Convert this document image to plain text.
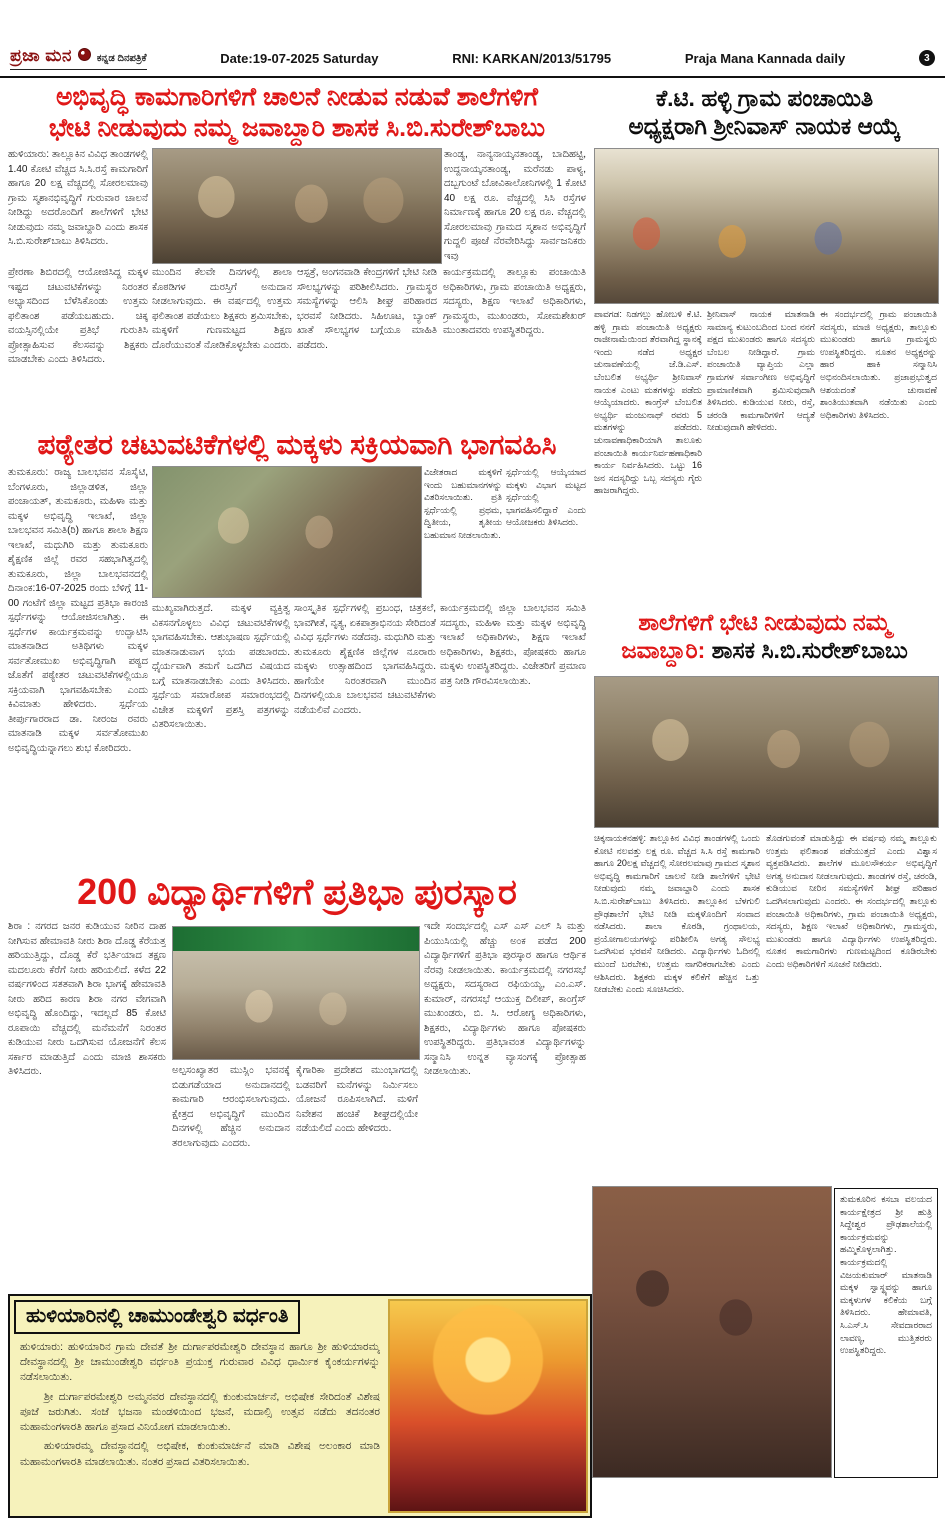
ಪ್ರಜಾ ಮನ	ಕನ್ನಡ ದಿನಪತ್ರಿಕೆ	Date:19-07-2025 Saturday	RNI: KARKAN/2013/51795	Praja Mana Kannada daily	3
ಅಭಿವೃದ್ಧಿ ಕಾಮಗಾರಿಗಳಿಗೆ ಚಾಲನೆ ನೀಡುವ ನಡುವೆ ಶಾಲೆಗಳಿಗೆ
ಭೇಟಿ ನೀಡುವುದು ನಮ್ಮ ಜವಾಬ್ದಾರಿ ಶಾಸಕ ಸಿ.ಬಿ.ಸುರೇಶ್‌ಬಾಬು
ಹುಳಿಯಾರು: ತಾಲ್ಲೂಕಿನ ವಿವಿಧ ತಾಂಡಗಳಲ್ಲಿ 1.40 ಕೋಟಿ ವೆಚ್ಚದ ಸಿ.ಸಿ.ರಸ್ತೆ ಕಾಮಗಾರಿಗೆ ಹಾಗೂ 20 ಲಕ್ಷ ವೆಚ್ಚದಲ್ಲಿ ಸೋರಲಮಾವು ಗ್ರಾಮ ಸ್ಮಶಾನಭಿವೃದ್ಧಿಗೆ ಗುರುವಾರ ಚಾಲನೆ ನೀಡಿದ್ದು ಅದರೊಂದಿಗೆ ಶಾಲೆಗಳಿಗೆ ಭೇಟಿ ನೀಡುವುದು ನಮ್ಮ ಜವಾಬ್ದಾರಿ ಎಂದು ಶಾಸಕ ಸಿ.ಬಿ.ಸುರೇಶ್‌ಬಾಬು ತಿಳಿಸಿದರು.
ತಾಂಡ್ಯ, ನಾನ್ಯನಾಯ್ಕನತಾಂಡ್ಯ, ಬಾದಿಹಟ್ಟಿ, ಉದ್ದನಾಯ್ಕನತಾಂಡ್ಯ, ಮರೆನಡು ಪಾಳ್ಯ, ದಬ್ಬಗುಂಟೆ ಬೋವಿಕಾಲೋನಿಗಳಲ್ಲಿ 1 ಕೋಟಿ 40 ಲಕ್ಷ ರೂ. ವೆಚ್ಚದಲ್ಲಿ ಸಿಸಿ ರಸ್ತೆಗಳ ನಿರ್ಮಾಣಕ್ಕೆ ಹಾಗೂ 20 ಲಕ್ಷ ರೂ. ವೆಚ್ಚದಲ್ಲಿ ಸೋರಲಮಾವು ಗ್ರಾಮದ ಸ್ಮಶಾನ ಅಭಿವೃದ್ಧಿಗೆ ಗುದ್ದಲಿ ಪೂಜೆ ನೆರವೇರಿಸಿದ್ದು ಸಾರ್ವಜನಿಕರು ಇವು
ಪ್ರೇರಣಾ ಶಿಬಿರದಲ್ಲಿ ಆಯೋಜಿಸಿದ್ದ ಮಕ್ಕಳ ಇಷ್ಟದ ಚಟುವಟಿಕೆಗಳನ್ನು ನಿರಂತರ ಅಭ್ಯಾಸದಿಂದ ಬೆಳೆಸಿಕೊಂಡು ಉತ್ತಮ ಫಲಿತಾಂಶ ಪಡೆಯಬಹುದು. ಚಿಕ್ಕ ವಯಸ್ಸಿನಲ್ಲಿಯೇ ಪ್ರತಿಭೆ ಗುರುತಿಸಿ ಪ್ರೋತ್ಸಾಹಿಸುವ ಕೆಲಸವನ್ನು ಶಿಕ್ಷಕರು ಮಾಡಬೇಕು ಎಂದು ತಿಳಿಸಿದರು.
ಮುಂದಿನ ಕೆಲವೇ ದಿನಗಳಲ್ಲಿ ಶಾಲಾ ಕೊಠಡಿಗಳ ದುರಸ್ತಿಗೆ ಅನುದಾನ ನೀಡಲಾಗುವುದು. ಈ ವರ್ಷದಲ್ಲಿ ಉತ್ತಮ ಫಲಿತಾಂಶ ಪಡೆಯಲು ಶಿಕ್ಷಕರು ಶ್ರಮಿಸಬೇಕು, ಮಕ್ಕಳಿಗೆ ಗುಣಮಟ್ಟದ ಶಿಕ್ಷಣ ದೊರೆಯುವಂತೆ ನೋಡಿಕೊಳ್ಳಬೇಕು ಎಂದರು.
ಆಸ್ಪತ್ರೆ, ಅಂಗನವಾಡಿ ಕೇಂದ್ರಗಳಿಗೆ ಭೇಟಿ ನೀಡಿ ಸೌಲಭ್ಯಗಳನ್ನು ಪರಿಶೀಲಿಸಿದರು. ಗ್ರಾಮಸ್ಥರ ಸಮಸ್ಯೆಗಳನ್ನು ಆಲಿಸಿ ಶೀಘ್ರ ಪರಿಹಾರದ ಭರವಸೆ ನೀಡಿದರು. ಸಿಹಿಊಟ, ಬ್ಯಾಂಕ್ ಖಾತೆ ಸೌಲಭ್ಯಗಳ ಬಗ್ಗೆಯೂ ಮಾಹಿತಿ ಪಡೆದರು.
ಕಾರ್ಯಕ್ರಮದಲ್ಲಿ ತಾಲ್ಲೂಕು ಪಂಚಾಯಿತಿ ಅಧಿಕಾರಿಗಳು, ಗ್ರಾಮ ಪಂಚಾಯಿತಿ ಅಧ್ಯಕ್ಷರು, ಸದಸ್ಯರು, ಶಿಕ್ಷಣ ಇಲಾಖೆ ಅಧಿಕಾರಿಗಳು, ಗ್ರಾಮಸ್ಥರು, ಮುಖಂಡರು, ಸೋಮಶೇಖರ್ ಮುಂತಾದವರು ಉಪಸ್ಥಿತರಿದ್ದರು.
ಕೆ.ಟಿ. ಹಳ್ಳಿ ಗ್ರಾಮ ಪಂಚಾಯಿತಿ
ಅಧ್ಯಕ್ಷರಾಗಿ ಶ್ರೀನಿವಾಸ್ ನಾಯಕ ಆಯ್ಕೆ
ಪಾವಗಡ: ನಿಡಗಲ್ಲು ಹೋಬಳಿ ಕೆ.ಟಿ. ಹಳ್ಳಿ ಗ್ರಾಮ ಪಂಚಾಯಿತಿ ಅಧ್ಯಕ್ಷರು ರಾಜೀನಾಮೆಯಿಂದ ತೆರವಾಗಿದ್ದ ಸ್ಥಾನಕ್ಕೆ ಇಂದು ನಡೆದ ಅಧ್ಯಕ್ಷರ ಚುನಾವಣೆಯಲ್ಲಿ ಜೆ.ಡಿ.ಎಸ್. ಬೆಂಬಲಿತ ಅಭ್ಯರ್ಥಿ ಶ್ರೀನಿವಾಸ್ ನಾಯಕ ಎಂಟು ಮತಗಳನ್ನು ಪಡೆದು ಆಯ್ಕೆಯಾದರು. ಕಾಂಗ್ರೆಸ್ ಬೆಂಬಲಿತ ಅಭ್ಯರ್ಥಿ ಮಂಜುನಾಥ್ ರವರು 5 ಮತಗಳನ್ನು ಪಡೆದರು. ಚುನಾವಣಾಧಿಕಾರಿಯಾಗಿ ತಾಲೂಕು ಪಂಚಾಯಿತಿ ಕಾರ್ಯನಿರ್ವಹಣಾಧಿಕಾರಿ ಕಾರ್ಯ ನಿರ್ವಹಿಸಿದರು. ಒಟ್ಟು 16 ಜನ ಸದಸ್ಯರಿದ್ದು ಒಬ್ಬ ಸದಸ್ಯರು ಗೈರು ಹಾಜರಾಗಿದ್ದರು.
ಶ್ರೀನಿವಾಸ್ ನಾಯಕ ಮಾತನಾಡಿ ಸಾಮಾನ್ಯ ಕುಟುಂಬದಿಂದ ಬಂದ ನನಗೆ ಪಕ್ಷದ ಮುಖಂಡರು ಹಾಗೂ ಸದಸ್ಯರು ಬೆಂಬಲ ನೀಡಿದ್ದಾರೆ. ಗ್ರಾಮ ಪಂಚಾಯಿತಿ ವ್ಯಾಪ್ತಿಯ ಎಲ್ಲಾ ಗ್ರಾಮಗಳ ಸರ್ವಾಂಗೀಣ ಅಭಿವೃದ್ಧಿಗೆ ಪ್ರಾಮಾಣಿಕವಾಗಿ ಶ್ರಮಿಸುವುದಾಗಿ ತಿಳಿಸಿದರು. ಕುಡಿಯುವ ನೀರು, ರಸ್ತೆ, ಚರಂಡಿ ಕಾಮಗಾರಿಗಳಿಗೆ ಆದ್ಯತೆ ನೀಡುವುದಾಗಿ ಹೇಳಿದರು.
ಈ ಸಂದರ್ಭದಲ್ಲಿ ಗ್ರಾಮ ಪಂಚಾಯಿತಿ ಸದಸ್ಯರು, ಮಾಜಿ ಅಧ್ಯಕ್ಷರು, ತಾಲ್ಲೂಕು ಮುಖಂಡರು ಹಾಗೂ ಗ್ರಾಮಸ್ಥರು ಉಪಸ್ಥಿತರಿದ್ದರು. ನೂತನ ಅಧ್ಯಕ್ಷರನ್ನು ಹಾರ ಹಾಕಿ ಸನ್ಮಾನಿಸಿ ಅಭಿನಂದಿಸಲಾಯಿತು. ಪ್ರಜಾಪ್ರಭುತ್ವದ ಆಶಯದಂತೆ ಚುನಾವಣೆ ಶಾಂತಿಯುತವಾಗಿ ನಡೆಯಿತು ಎಂದು ಅಧಿಕಾರಿಗಳು ತಿಳಿಸಿದರು.
ಪಠ್ಯೇತರ ಚಟುವಟಿಕೆಗಳಲ್ಲಿ ಮಕ್ಕಳು ಸಕ್ರಿಯವಾಗಿ ಭಾಗವಹಿಸಿ
ತುಮಕೂರು: ರಾಜ್ಯ ಬಾಲಭವನ ಸೊಸೈಟಿ, ಬೆಂಗಳೂರು, ಜಿಲ್ಲಾಡಳಿತ, ಜಿಲ್ಲಾ ಪಂಚಾಯತ್, ತುಮಕೂರು, ಮಹಿಳಾ ಮತ್ತು ಮಕ್ಕಳ ಅಭಿವೃದ್ಧಿ ಇಲಾಖೆ, ಜಿಲ್ಲಾ ಬಾಲಭವನ ಸಮಿತಿ(ರಿ) ಹಾಗೂ ಶಾಲಾ ಶಿಕ್ಷಣ ಇಲಾಖೆ, ಮಧುಗಿರಿ ಮತ್ತು ತುಮಕೂರು ಶೈಕ್ಷಣಿಕ ಜಿಲ್ಲೆ ರವರ ಸಹಭಾಗಿತ್ವದಲ್ಲಿ ತುಮಕೂರು, ಜಿಲ್ಲಾ ಬಾಲಭವನದಲ್ಲಿ ದಿನಾಂಕ:16-07-2025 ರಂದು ಬೆಳಿಗ್ಗೆ 11-00 ಗಂಟೆಗೆ ಜಿಲ್ಲಾ ಮಟ್ಟದ ಪ್ರತಿಭಾ ಕಾರಂಜಿ ಸ್ಪರ್ಧೆಗಳನ್ನು ಆಯೋಜಿಸಲಾಗಿತ್ತು. ಈ ಸ್ಪರ್ಧೆಗಳ ಕಾರ್ಯಕ್ರಮವನ್ನು ಉದ್ಘಾಟಿಸಿ ಮಾತನಾಡಿದ ಅತಿಥಿಗಳು ಮಕ್ಕಳ ಸರ್ವತೋಮುಖ ಅಭಿವೃದ್ಧಿಗಾಗಿ ಪಠ್ಯದ ಜೊತೆಗೆ ಪಠ್ಯೇತರ ಚಟುವಟಿಕೆಗಳಲ್ಲಿಯೂ ಸಕ್ರಿಯವಾಗಿ ಭಾಗವಹಿಸಬೇಕು ಎಂದು ಕಿವಿಮಾತು ಹೇಳಿದರು. ಸ್ಪರ್ಧೆಯ ತೀರ್ಪುಗಾರರಾದ ಡಾ. ನೀರಂಜ ರವರು ಮಾತನಾಡಿ ಮಕ್ಕಳ ಸರ್ವತೋಮುಖ ಅಭಿವೃದ್ಧಿಯನ್ನಾಗಲು ಶುಭ ಕೋರಿದರು.
ವಿಜೇತರಾದ ಮಕ್ಕಳಿಗೆ ಇಂದು ಬಹುಮಾನಗಳನ್ನು ವಿತರಿಸಲಾಯಿತು. ಪ್ರತಿ ಸ್ಪರ್ಧೆಯಲ್ಲಿ ಪ್ರಥಮ, ದ್ವಿತೀಯ, ತೃತೀಯ ಬಹುಮಾನ ನೀಡಲಾಯಿತು.
ಸ್ಪರ್ಧೆಯಲ್ಲಿ ಆಯ್ಕೆಯಾದ ಮಕ್ಕಳು ವಿಭಾಗ ಮಟ್ಟದ ಸ್ಪರ್ಧೆಯಲ್ಲಿ ಭಾಗವಹಿಸಲಿದ್ದಾರೆ ಎಂದು ಆಯೋಜಕರು ತಿಳಿಸಿದರು.
ಮುಖ್ಯವಾಗಿರುತ್ತದೆ. ಮಕ್ಕಳ ವ್ಯಕ್ತಿತ್ವ ವಿಕಸನಗೊಳ್ಳಲು ವಿವಿಧ ಚಟುವಟಿಕೆಗಳಲ್ಲಿ ಭಾಗವಹಿಸಬೇಕು. ಆಶುಭಾಷಣ ಸ್ಪರ್ಧೆಯಲ್ಲಿ ಮಾತನಾಡುವಾಗ ಭಯ ಪಡಬಾರದು. ಧೈರ್ಯವಾಗಿ ತಮಗೆ ಒದಗಿದ ವಿಷಯದ ಬಗ್ಗೆ ಮಾತನಾಡಬೇಕು ಎಂದು ತಿಳಿಸಿದರು. ಸ್ಪರ್ಧೆಯ ಸಮಾರೋಪ ಸಮಾರಂಭದಲ್ಲಿ ವಿಜೇತ ಮಕ್ಕಳಿಗೆ ಪ್ರಶಸ್ತಿ ಪತ್ರಗಳನ್ನು ವಿತರಿಸಲಾಯಿತು.
ಸಾಂಸ್ಕೃತಿಕ ಸ್ಪರ್ಧೆಗಳಲ್ಲಿ ಪ್ರಬಂಧ, ಚಿತ್ರಕಲೆ, ಭಾವಗೀತೆ, ನೃತ್ಯ, ಏಕಪಾತ್ರಾಭಿನಯ ಸೇರಿದಂತೆ ವಿವಿಧ ಸ್ಪರ್ಧೆಗಳು ನಡೆದವು. ಮಧುಗಿರಿ ಮತ್ತು ತುಮಕೂರು ಶೈಕ್ಷಣಿಕ ಜಿಲ್ಲೆಗಳ ನೂರಾರು ಮಕ್ಕಳು ಉತ್ಸಾಹದಿಂದ ಭಾಗವಹಿಸಿದ್ದರು. ಹಾಗೆಯೇ ನಿರಂತರವಾಗಿ ಮುಂದಿನ ದಿನಗಳಲ್ಲಿಯೂ ಬಾಲಭವನ ಚಟುವಟಿಕೆಗಳು ನಡೆಯಲಿವೆ ಎಂದರು.
ಕಾರ್ಯಕ್ರಮದಲ್ಲಿ ಜಿಲ್ಲಾ ಬಾಲಭವನ ಸಮಿತಿ ಸದಸ್ಯರು, ಮಹಿಳಾ ಮತ್ತು ಮಕ್ಕಳ ಅಭಿವೃದ್ಧಿ ಇಲಾಖೆ ಅಧಿಕಾರಿಗಳು, ಶಿಕ್ಷಣ ಇಲಾಖೆ ಅಧಿಕಾರಿಗಳು, ಶಿಕ್ಷಕರು, ಪೋಷಕರು ಹಾಗೂ ಮಕ್ಕಳು ಉಪಸ್ಥಿತರಿದ್ದರು. ವಿಜೇತರಿಗೆ ಪ್ರಮಾಣ ಪತ್ರ ನೀಡಿ ಗೌರವಿಸಲಾಯಿತು.
ಶಾಲೆಗಳಿಗೆ ಭೇಟಿ ನೀಡುವುದು ನಮ್ಮ
ಜವಾಬ್ದಾರಿ: ಶಾಸಕ ಸಿ.ಬಿ.ಸುರೇಶ್‌ಬಾಬು
ಚಿಕ್ಕನಾಯಕನಹಳ್ಳಿ: ತಾಲ್ಲೂಕಿನ ವಿವಿಧ ತಾಂಡಗಳಲ್ಲಿ ಒಂದು ಕೋಟಿ ನಲವತ್ತು ಲಕ್ಷ ರೂ. ವೆಚ್ಚದ ಸಿ.ಸಿ ರಸ್ತೆ ಕಾಮಗಾರಿ ಹಾಗೂ 20ಲಕ್ಷ ವೆಚ್ಚದಲ್ಲಿ ಸೋರಲಮಾವು ಗ್ರಾಮದ ಸ್ಮಶಾನ ಅಭಿವೃದ್ಧಿ ಕಾಮಗಾರಿಗೆ ಚಾಲನೆ ನೀಡಿ ಶಾಲೆಗಳಿಗೆ ಭೇಟಿ ನೀಡುವುದು ನಮ್ಮ ಜವಾಬ್ದಾರಿ ಎಂದು ಶಾಸಕ ಸಿ.ಬಿ.ಸುರೇಶ್‌ಬಾಬು ತಿಳಿಸಿದರು. ತಾಲ್ಲೂಕಿನ ಬೆಳಗುಲಿ ಪ್ರೌಢಶಾಲೆಗೆ ಭೇಟಿ ನೀಡಿ ಮಕ್ಕಳೊಂದಿಗೆ ಸಂವಾದ ನಡೆಸಿದರು. ಶಾಲಾ ಕೊಠಡಿ, ಗ್ರಂಥಾಲಯ, ಪ್ರಯೋಗಾಲಯಗಳನ್ನು ಪರಿಶೀಲಿಸಿ ಅಗತ್ಯ ಸೌಲಭ್ಯ ಒದಗಿಸುವ ಭರವಸೆ ನೀಡಿದರು. ವಿದ್ಯಾರ್ಥಿಗಳು ಓದಿನಲ್ಲಿ ಮುಂದೆ ಬರಬೇಕು, ಉತ್ತಮ ನಾಗರಿಕರಾಗಬೇಕು ಎಂದು ಆಶಿಸಿದರು. ಶಿಕ್ಷಕರು ಮಕ್ಕಳ ಕಲಿಕೆಗೆ ಹೆಚ್ಚಿನ ಒತ್ತು ನೀಡಬೇಕು ಎಂದು ಸೂಚಿಸಿದರು.
ತೊಡಗುವಂತೆ ಮಾಡುತ್ತಿದ್ದು ಈ ವರ್ಷವು ನಮ್ಮ ತಾಲ್ಲೂಕು ಉತ್ತಮ ಫಲಿತಾಂಶ ಪಡೆಯುತ್ತದೆ ಎಂದು ವಿಶ್ವಾಸ ವ್ಯಕ್ತಪಡಿಸಿದರು. ಶಾಲೆಗಳ ಮೂಲಸೌಕರ್ಯ ಅಭಿವೃದ್ಧಿಗೆ ಅಗತ್ಯ ಅನುದಾನ ನೀಡಲಾಗುವುದು. ತಾಂಡಗಳ ರಸ್ತೆ, ಚರಂಡಿ, ಕುಡಿಯುವ ನೀರಿನ ಸಮಸ್ಯೆಗಳಿಗೆ ಶೀಘ್ರ ಪರಿಹಾರ ಒದಗಿಸಲಾಗುವುದು ಎಂದರು. ಈ ಸಂದರ್ಭದಲ್ಲಿ ತಾಲ್ಲೂಕು ಪಂಚಾಯಿತಿ ಅಧಿಕಾರಿಗಳು, ಗ್ರಾಮ ಪಂಚಾಯಿತಿ ಅಧ್ಯಕ್ಷರು, ಸದಸ್ಯರು, ಶಿಕ್ಷಣ ಇಲಾಖೆ ಅಧಿಕಾರಿಗಳು, ಗ್ರಾಮಸ್ಥರು, ಮುಖಂಡರು ಹಾಗೂ ವಿದ್ಯಾರ್ಥಿಗಳು ಉಪಸ್ಥಿತರಿದ್ದರು. ನೂತನ ಕಾಮಗಾರಿಗಳು ಗುಣಮಟ್ಟದಿಂದ ಕೂಡಿರಬೇಕು ಎಂದು ಅಧಿಕಾರಿಗಳಿಗೆ ಸೂಚನೆ ನೀಡಿದರು.
ತುಮಕೂರಿನ ಕಸಬಾ ವಲಯದ ಕಾರ್ಯಕ್ಷೇತ್ರದ ಶ್ರೀ ಹುತ್ರಿ ಸಿದ್ದೇಶ್ವರ ಪ್ರೌಢಶಾಲೆಯಲ್ಲಿ ಕಾರ್ಯಕ್ರಮವನ್ನು ಹಮ್ಮಿಕೊಳ್ಳಲಾಗಿತ್ತು. ಕಾರ್ಯಕ್ರಮದಲ್ಲಿ ವಿಜಯಕುಮಾರ್ ಮಾತನಾಡಿ ಮಕ್ಕಳ ಸ್ವಾಸ್ಥ್ಯವನ್ನು ಹಾಗೂ ಮಕ್ಕಳುಗಳ ಕಲಿಕೆಯ ಬಗ್ಗೆ ತಿಳಿಸಿದರು. ಹೇಮಾವತಿ, ಸಿ.ಎಸ್.ಸಿ ಸೇವದಾರರಾದ ಲಾವಣ್ಯ, ಮುತ್ತಿತರರು ಉಪಸ್ಥಿತರಿದ್ದರು.
200 ವಿದ್ಯಾರ್ಥಿಗಳಿಗೆ ಪ್ರತಿಭಾ ಪುರಸ್ಕಾರ
ಶಿರಾ : ನಗರದ ಜನರ ಕುಡಿಯುವ ನೀರಿನ ದಾಹ ನೀಗಿಸುವ ಹೇಮಾವತಿ ನೀರು ಶಿರಾ ದೊಡ್ಡ ಕೆರೆಯತ್ತ ಹರಿಯುತ್ತಿದ್ದು, ದೊಡ್ಡ ಕೆರೆ ಭರ್ತಿಯಾದ ತಕ್ಷಣ ಮದಲೂರು ಕೆರೆಗೆ ನೀರು ಹರಿಯಲಿದೆ. ಕಳೆದ 22 ವರ್ಷಗಳಿಂದ ಸತತವಾಗಿ ಶಿರಾ ಭಾಗಕ್ಕೆ ಹೇಮಾವತಿ ನೀರು ಹರಿದ ಕಾರಣ ಶಿರಾ ನಗರ ವೇಗವಾಗಿ ಅಭಿವೃದ್ಧಿ ಹೊಂದಿದ್ದು, ಇದಲ್ಲದೆ 85 ಕೋಟಿ ರೂಪಾಯಿ ವೆಚ್ಚದಲ್ಲಿ ಮನೆಮನೆಗೆ ನಿರಂತರ ಕುಡಿಯುವ ನೀರು ಒದಗಿಸುವ ಯೋಜನೆಗೆ ಕೆಲಸ ಸರ್ಕಾರ ಮಾಡುತ್ತಿದೆ ಎಂದು ಮಾಜಿ ಶಾಸಕರು ತಿಳಿಸಿದರು.	ಅಲ್ಪಸಂಖ್ಯಾತರ ಮುಸ್ಲಿಂ ಭವನಕ್ಕೆ ಬಿಡುಗಡೆಯಾದ ಅನುದಾನದಲ್ಲಿ ಕಾಮಗಾರಿ ಆರಂಭಿಸಲಾಗುವುದು. ಕ್ಷೇತ್ರದ ಅಭಿವೃದ್ಧಿಗೆ ಮುಂದಿನ ದಿನಗಳಲ್ಲಿ ಹೆಚ್ಚಿನ ಅನುದಾನ ತರಲಾಗುವುದು ಎಂದರು.
ಕೈಗಾರಿಕಾ ಪ್ರದೇಶದ ಮುಂಭಾಗದಲ್ಲಿ ಬಡವರಿಗೆ ಮನೆಗಳನ್ನು ನಿರ್ಮಿಸಲು ಯೋಜನೆ ರೂಪಿಸಲಾಗಿದೆ. ಮಳಿಗೆ ನಿವೇಶನ ಹಂಚಿಕೆ ಶೀಘ್ರದಲ್ಲಿಯೇ ನಡೆಯಲಿದೆ ಎಂದು ಹೇಳಿದರು.
ಇದೇ ಸಂದರ್ಭದಲ್ಲಿ ಎಸ್ ಎಸ್ ಎಲ್ ಸಿ ಮತ್ತು ಪಿಯುಸಿಯಲ್ಲಿ ಹೆಚ್ಚು ಅಂಕ ಪಡೆದ 200 ವಿದ್ಯಾರ್ಥಿಗಳಿಗೆ ಪ್ರತಿಭಾ ಪುರಸ್ಕಾರ ಹಾಗೂ ಆರ್ಥಿಕ ನೆರವು ನೀಡಲಾಯಿತು. ಕಾರ್ಯಕ್ರಮದಲ್ಲಿ ನಗರಸಭೆ ಅಧ್ಯಕ್ಷರು, ಸದಸ್ಯರಾದ ರಫಿಯಯ್ಯ, ಎಂ.ಎಸ್. ಕುಮಾರ್, ನಗರಸಭೆ ಆಯುಕ್ತ ದಿಲೀಪ್, ಕಾಂಗ್ರೆಸ್ ಮುಖಂಡರು, ಬಿ. ಸಿ. ಆರೋಗ್ಯ ಅಧಿಕಾರಿಗಳು, ಶಿಕ್ಷಕರು, ವಿದ್ಯಾರ್ಥಿಗಳು ಹಾಗೂ ಪೋಷಕರು ಉಪಸ್ಥಿತರಿದ್ದರು. ಪ್ರತಿಭಾವಂತ ವಿದ್ಯಾರ್ಥಿಗಳನ್ನು ಸನ್ಮಾನಿಸಿ ಉನ್ನತ ವ್ಯಾಸಂಗಕ್ಕೆ ಪ್ರೋತ್ಸಾಹ ನೀಡಲಾಯಿತು.
ಹುಳಿಯಾರಿನಲ್ಲಿ ಚಾಮುಂಡೇಶ್ವರಿ ವರ್ಧಂತಿ
ಹುಳಿಯಾರು: ಹುಳಿಯಾರಿನ ಗ್ರಾಮ ದೇವತೆ ಶ್ರೀ ದುರ್ಗಾಪರಮೇಶ್ವರಿ ದೇವಸ್ಥಾನ ಹಾಗೂ ಶ್ರೀ ಹುಳಿಯಾರಮ್ಮ ದೇವಸ್ಥಾನದಲ್ಲಿ ಶ್ರೀ ಚಾಮುಂಡೇಶ್ವರಿ ವರ್ಧಂತಿ ಪ್ರಯುಕ್ತ ಗುರುವಾರ ವಿವಿಧ ಧಾರ್ಮಿಕ ಕೈಂಕರ್ಯಗಳನ್ನು ನಡೆಸಲಾಯಿತು.
ಶ್ರೀ ದುರ್ಗಾಪರಮೇಶ್ವರಿ ಅಮ್ಮನವರ ದೇವಸ್ಥಾನದಲ್ಲಿ ಕುಂಕುಮಾರ್ಚನೆ, ಅಭಿಷೇಕ ಸೇರಿದಂತೆ ವಿಶೇಷ ಪೂಜೆ ಜರುಗಿತು. ಸಂಜೆ ಭಜನಾ ಮಂಡಳಿಯಿಂದ ಭಜನೆ, ಮದಾಲ್ಸಿ ಉತ್ಸವ ನಡೆದು ತದನಂತರ ಮಹಾಮಂಗಳಾರತಿ ಹಾಗೂ ಪ್ರಸಾದ ವಿನಿಯೋಗ ಮಾಡಲಾಯಿತು.
ಹುಳಿಯಾರಮ್ಮ ದೇವಸ್ಥಾನದಲ್ಲಿ ಅಭಿಷೇಕ, ಕುಂಕುಮಾರ್ಚನೆ ಮಾಡಿ ವಿಶೇಷ ಅಲಂಕಾರ ಮಾಡಿ ಮಹಾಮಂಗಳಾರತಿ ಮಾಡಲಾಯಿತು. ನಂತರ ಪ್ರಸಾದ ವಿತರಿಸಲಾಯಿತು.
